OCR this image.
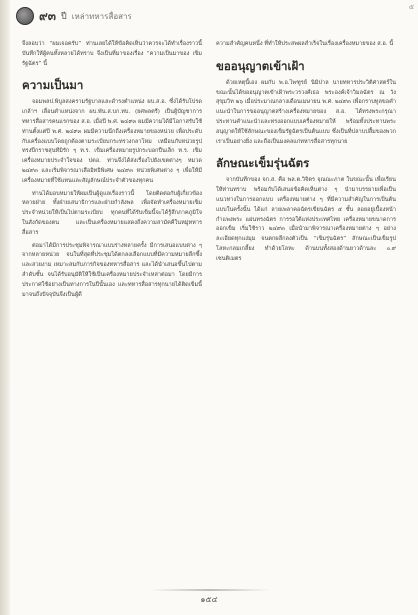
๙๓ ปี เหล่าทหารสื่อสาร
๕

จึงลอบว่า “ผมเจอครับ” ท่านเลยได้ให้ข้อคิดเห็นว่าควรจะได้ทำเรื่องราวนี้บันทึกให้ผู้คนทั้งหลายได้ทราบ จึงเป็นที่มาของเรื่อง “ความเป็นมาของ เข็มรัฐฉัตร” นี้

ความเป็นมา

จอมพลป.พิบูลสงครามรัฐบาลและดำรงตำแหน่ง ผบ.ส.อ. ซึ่งได้รับโปรดเกล้าฯ เลื่อนตำแหน่งจาก ผบ.พัน.ส.บก.ทบ. (ยศพลตรี) เป็นผู้บัญชาการทหารสื่อสารคนแรกของ ส.อ. เมื่อปี พ.ศ. ๒๔๙๓ ผมมีความได้มีโอกาสรับใช้ท่านตั้งแต่ปี พ.ศ. ๒๔๙๓ ผมมีความนึกถึงเครื่องหมายของหน่วย เพื่อประดับกับเครื่องแบบโดยถูกต้องตามระเบียบกระทรวงกลาโหม เหมือนกับหน่วยรูปทรงปีกราชสุนทีมิรัก ๆ ท.ร. เข็มเครื่องหมายรูปกระบอกปืนเล็ก ท.ร. เข็มเครื่องหมายประจำใจของ ปตอ. ท่านจึงได้ส่งเรื่องไปยังเขตต่างๆ หมวด ๒๔๙๓ และเริ่มพิจารณาเสืออิทธิพิเศษ ๒๔๙๓ หน่วยพิเศษต่าง ๆ เพื่อให้มีเครื่องหมายที่ใช้แทนและสัญลักษณ์ประจำตัวของทุกคน

ท่านได้มอบหมายให้ผมเป็นผู้ดูแลเรื่องราวนี้ โดยติดต่อกับผู้เกี่ยวข้องหลายฝ่าย ทั้งฝ่ายเสนาธิการและฝ่ายกำลังพล เพื่อจัดทำเครื่องหมายเข็มประจำหน่วยให้เป็นไปตามระเบียบ ทุกคนที่ได้รับเข็มนี้จะได้รู้สึกภาคภูมิใจในสังกัดของตน และเป็นเครื่องหมายแสดงถึงความสามัคคีในหมู่ทหารสื่อสาร

ต่อมาได้มีการประชุมพิจารณาแบบร่างหลายครั้ง มีการเสนอแบบต่าง ๆ จากหลายหน่วย จนในที่สุดที่ประชุมได้ตกลงเลือกแบบที่มีความหมายลึกซึ้งและสวยงาม เหมาะสมกับภารกิจของทหารสื่อสาร และได้นำเสนอขึ้นไปตามลำดับชั้น จนได้รับอนุมัติให้ใช้เป็นเครื่องหมายประจำเหล่าต่อมา โดยมีการประกาศใช้อย่างเป็นทางการในปีนั้นเอง และทหารสื่อสารทุกนายได้ติดเข็มนี้มาจนถึงปัจจุบันจึงเป็นผู้ดี

ความสำคัญคนหนึ่ง ที่ทำให้ประสพผลสำเร็จในเรื่องเครื่องหมายของ ส.อ. นี้

ขออนุญาตเข้าเฝ้า

ด้วยเหตุนี้เอง ผมกับ พ.อ.ไพฑูรย์ นิมิปาล นายทหารประวิติศาสตร์ในขณะนั้นได้ขออนุญาตเข้าเฝ้าพระวรวงศ์เธอ พระองค์เจ้าวิมลฉัตร ณ วังสุขุมวิท ๒๖ เมื่อประมาณกลางเดือนเมษายน พ.ศ. ๒๔๙๓ เพื่อกราบทูลขอคำแนะนำในการขออนุญาตสร้างเครื่องหมายของ ส.อ. ได้ทรงพระกรุณาประทานคำแนะนำและทรงออกแบบเครื่องหมายให้ พร้อมทั้งประทานพระอนุญาตให้ใช้ลักษณะของเข็มรัฐฉัตรเป็นต้นแบบ ซึ่งเป็นที่ปลาบปลื้มของพวกเราเป็นอย่างยิ่ง และถือเป็นมงคลแก่ทหารสื่อสารทุกนาย

ลักษณะเข็มรุ่นฉัตร

จากบันทึกของ จก.ส. คือ พล.ต.วิจิตร จุณณะภาต ในขณะนั้น เพื่อเรียนให้ท่านทราบ พร้อมกับได้เสนอข้อคิดเห็นต่าง ๆ นำมาบรรยายเพื่อเป็นแนวทางในการออกแบบ เครื่องหมายต่าง ๆ ที่มีความสำคัญในการเป็นต้นแบบในครั้งนั้น ได้แก่ ลายเพลาคอฉัตรเขียนฉัตร ๕ ชั้น ลอยอยู่เบื้องหน้ากำแพงพระ แผ่นทรงฉัตร การรอใต้แห่งประเทศไทย เครื่องหมายขนาดการออกเข็ม เริ่มใช้ราว ๒๔๙๓ เมื่อนำมาพิจารณาเครื่องหมายต่าง ๆ อย่างละเอียดทุกแง่มุม จนตกผลึกลงตัวเป็น “เข็มรุ่นฉัตร” ลักษณะเป็นเข็มรูปโลหะกลมเกลี้ยง ทำด้วยโลหะ ด้านบนทั้งสองด้านยาวด้านละ ๐.๙ เซนติเมตร

๑๕๔
